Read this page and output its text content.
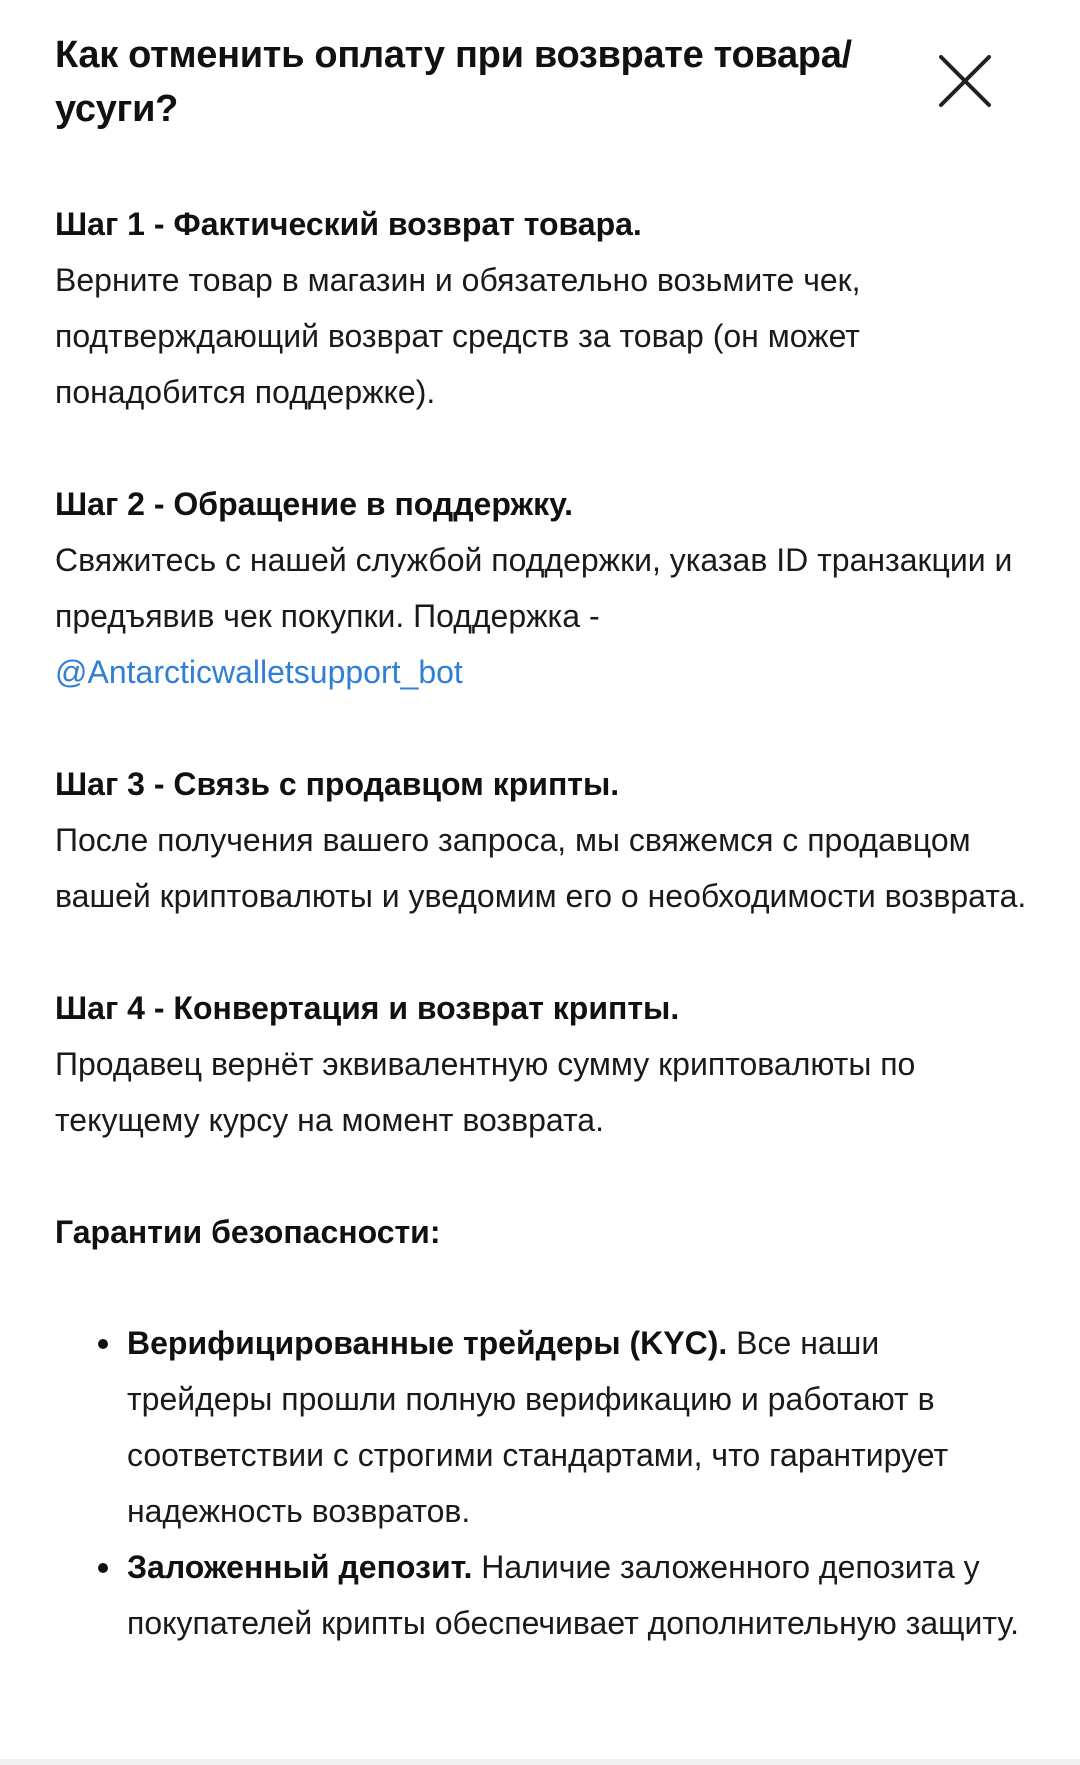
Как отменить оплату при возврате товара/усуги?

Шаг 1 - Фактический возврат товара.

Верните товар в магазин и обязательно возьмите чек, подтверждающий возврат средств за товар (он может понадобится поддержке).

Шаг 2 - Обращение в поддержку.

Свяжитесь с нашей службой поддержки, указав ID транзакции и предъявив чек покупки. Поддержка -
@Antarcticwalletsupport_bot

Шаг 3 - Связь с продавцом крипты.

После получения вашего запроса, мы свяжемся с продавцом вашей криптовалюты и уведомим его о необходимости возврата.

Шаг 4 - Конвертация и возврат крипты.

Продавец вернёт эквивалентную сумму криптовалюты по текущему курсу на момент возврата.

Гарантии безопасности:

Верифицированные трейдеры (KYC). Все наши трейдеры прошли полную верификацию и работают в соответствии с строгими стандартами, что гарантирует надежность возвратов.
Заложенный депозит. Наличие заложенного депозита у покупателей крипты обеспечивает дополнительную защиту.
